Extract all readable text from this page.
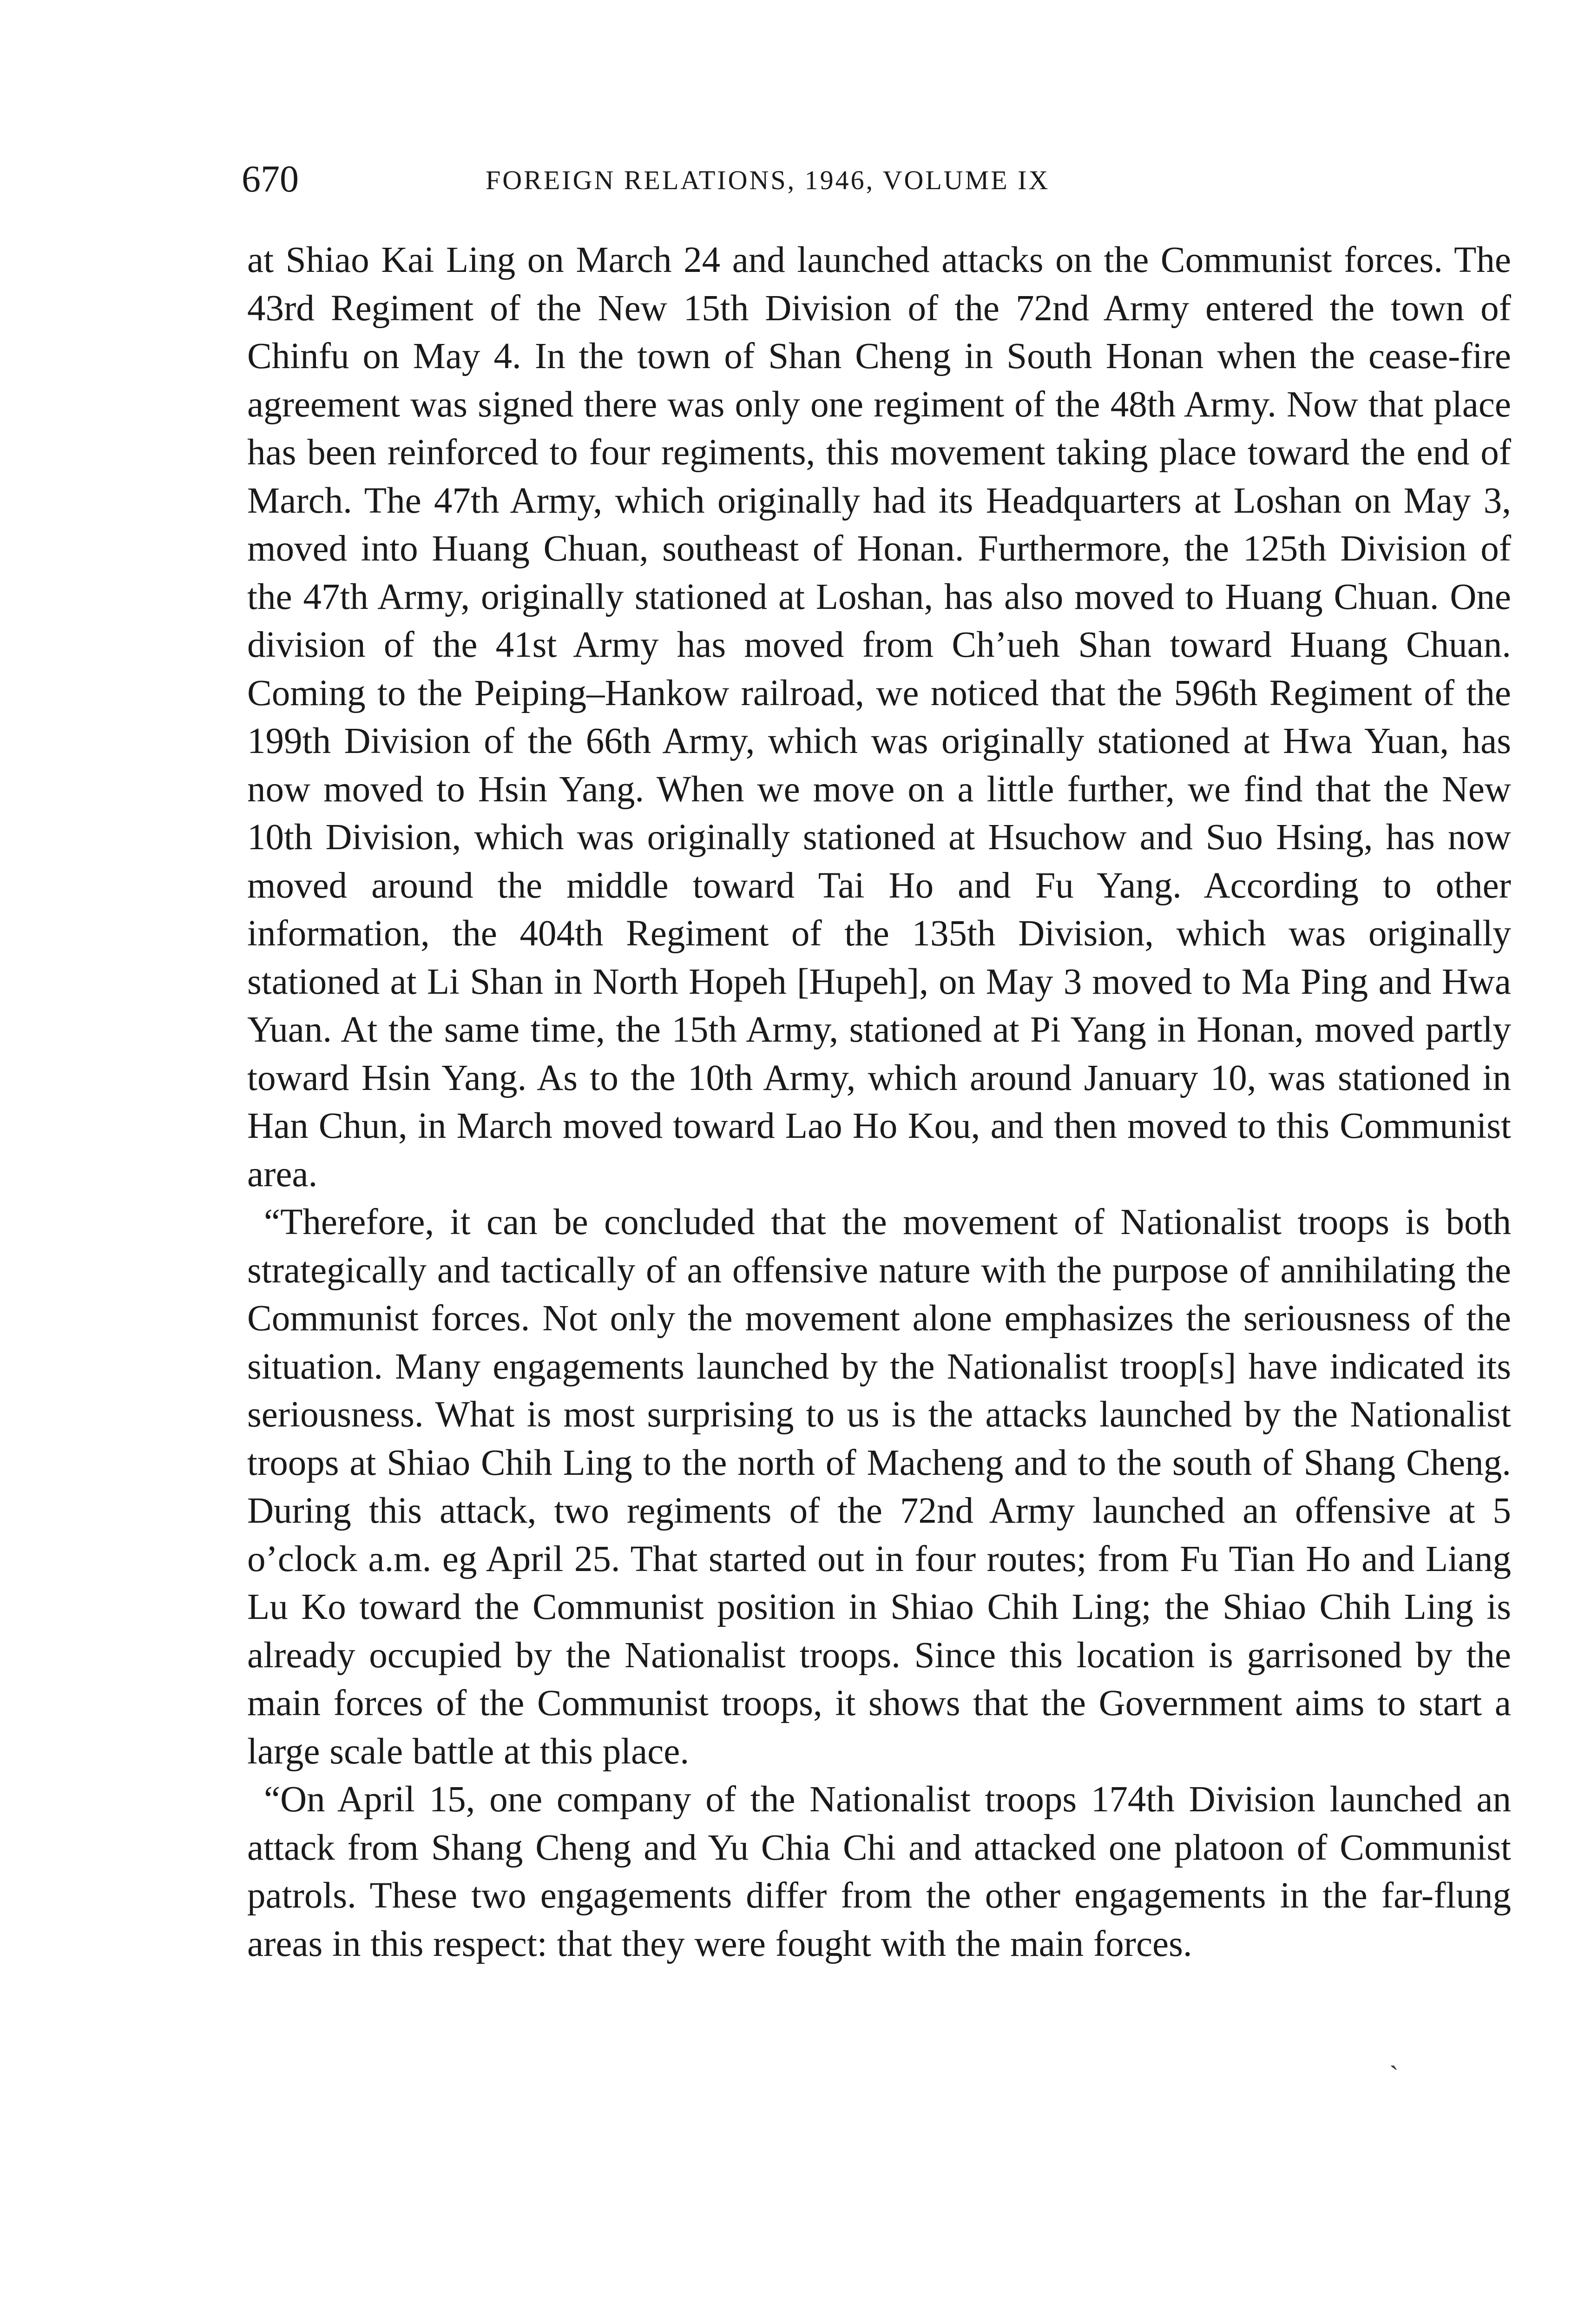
670	FOREIGN RELATIONS, 1946, VOLUME IX

at Shiao Kai Ling on March 24 and launched attacks on the Communist forces. The 43rd Regiment of the New 15th Division of the 72nd Army entered the town of Chinfu on May 4. In the town of Shan Cheng in South Honan when the cease-fire agreement was signed there was only one regiment of the 48th Army. Now that place has been reinforced to four regiments, this movement taking place toward the end of March. The 47th Army, which originally had its Headquarters at Loshan on May 3, moved into Huang Chuan, southeast of Honan. Furthermore, the 125th Division of the 47th Army, originally stationed at Loshan, has also moved to Huang Chuan. One division of the 41st Army has moved from Ch’ueh Shan toward Huang Chuan. Coming to the Peiping–Hankow railroad, we noticed that the 596th Regiment of the 199th Division of the 66th Army, which was originally stationed at Hwa Yuan, has now moved to Hsin Yang. When we move on a little further, we find that the New 10th Division, which was originally stationed at Hsuchow and Suo Hsing, has now moved around the middle toward Tai Ho and Fu Yang. According to other information, the 404th Regiment of the 135th Division, which was originally stationed at Li Shan in North Hopeh [Hupeh], on May 3 moved to Ma Ping and Hwa Yuan. At the same time, the 15th Army, stationed at Pi Yang in Honan, moved partly toward Hsin Yang. As to the 10th Army, which around January 10, was stationed in Han Chun, in March moved toward Lao Ho Kou, and then moved to this Communist area.

“Therefore, it can be concluded that the movement of Nationalist troops is both strategically and tactically of an offensive nature with the purpose of annihilating the Communist forces. Not only the movement alone emphasizes the seriousness of the situation. Many engagements launched by the Nationalist troop[s] have indicated its seriousness. What is most surprising to us is the attacks launched by the Nationalist troops at Shiao Chih Ling to the north of Macheng and to the south of Shang Cheng. During this attack, two regiments of the 72nd Army launched an offensive at 5 o’clock a.m. eg April 25. That started out in four routes; from Fu Tian Ho and Liang Lu Ko toward the Communist position in Shiao Chih Ling; the Shiao Chih Ling is already occupied by the Nationalist troops. Since this location is garrisoned by the main forces of the Communist troops, it shows that the Government aims to start a large scale battle at this place.

“On April 15, one company of the Nationalist troops 174th Division launched an attack from Shang Cheng and Yu Chia Chi and attacked one platoon of Communist patrols. These two engagements differ from the other engagements in the far-flung areas in this respect: that they were fought with the main forces.

ˎ
